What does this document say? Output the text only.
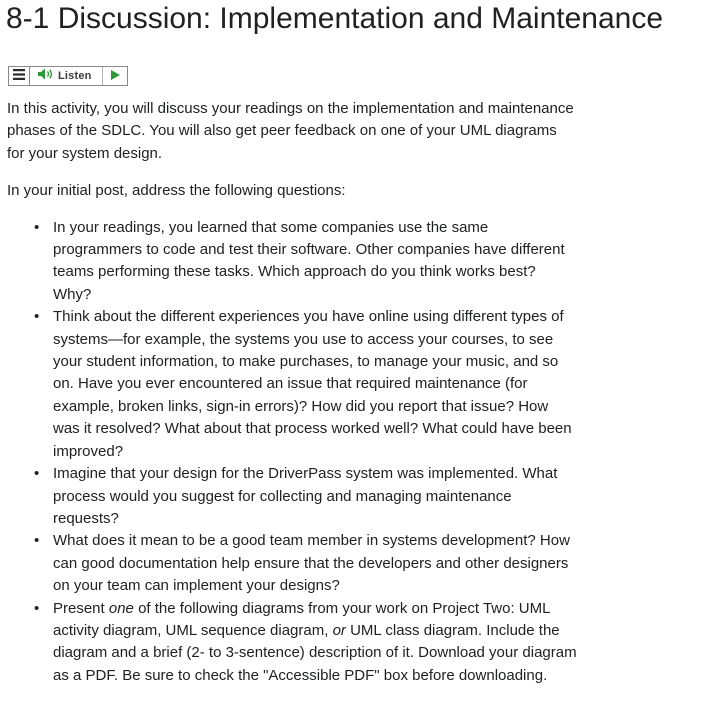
8-1 Discussion: Implementation and Maintenance
Listen

In this activity, you will discuss your readings on the implementation and maintenance phases of the SDLC. You will also get peer feedback on one of your UML diagrams for your system design.

In your initial post, address the following questions:

• In your readings, you learned that some companies use the same programmers to code and test their software. Other companies have different teams performing these tasks. Which approach do you think works best? Why?
• Think about the different experiences you have online using different types of systems—for example, the systems you use to access your courses, to see your student information, to make purchases, to manage your music, and so on. Have you ever encountered an issue that required maintenance (for example, broken links, sign-in errors)? How did you report that issue? How was it resolved? What about that process worked well? What could have been improved?
• Imagine that your design for the DriverPass system was implemented. What process would you suggest for collecting and managing maintenance requests?
• What does it mean to be a good team member in systems development? How can good documentation help ensure that the developers and other designers on your team can implement your designs?
• Present one of the following diagrams from your work on Project Two: UML activity diagram, UML sequence diagram, or UML class diagram. Include the diagram and a brief (2- to 3-sentence) description of it. Download your diagram as a PDF. Be sure to check the "Accessible PDF" box before downloading.
